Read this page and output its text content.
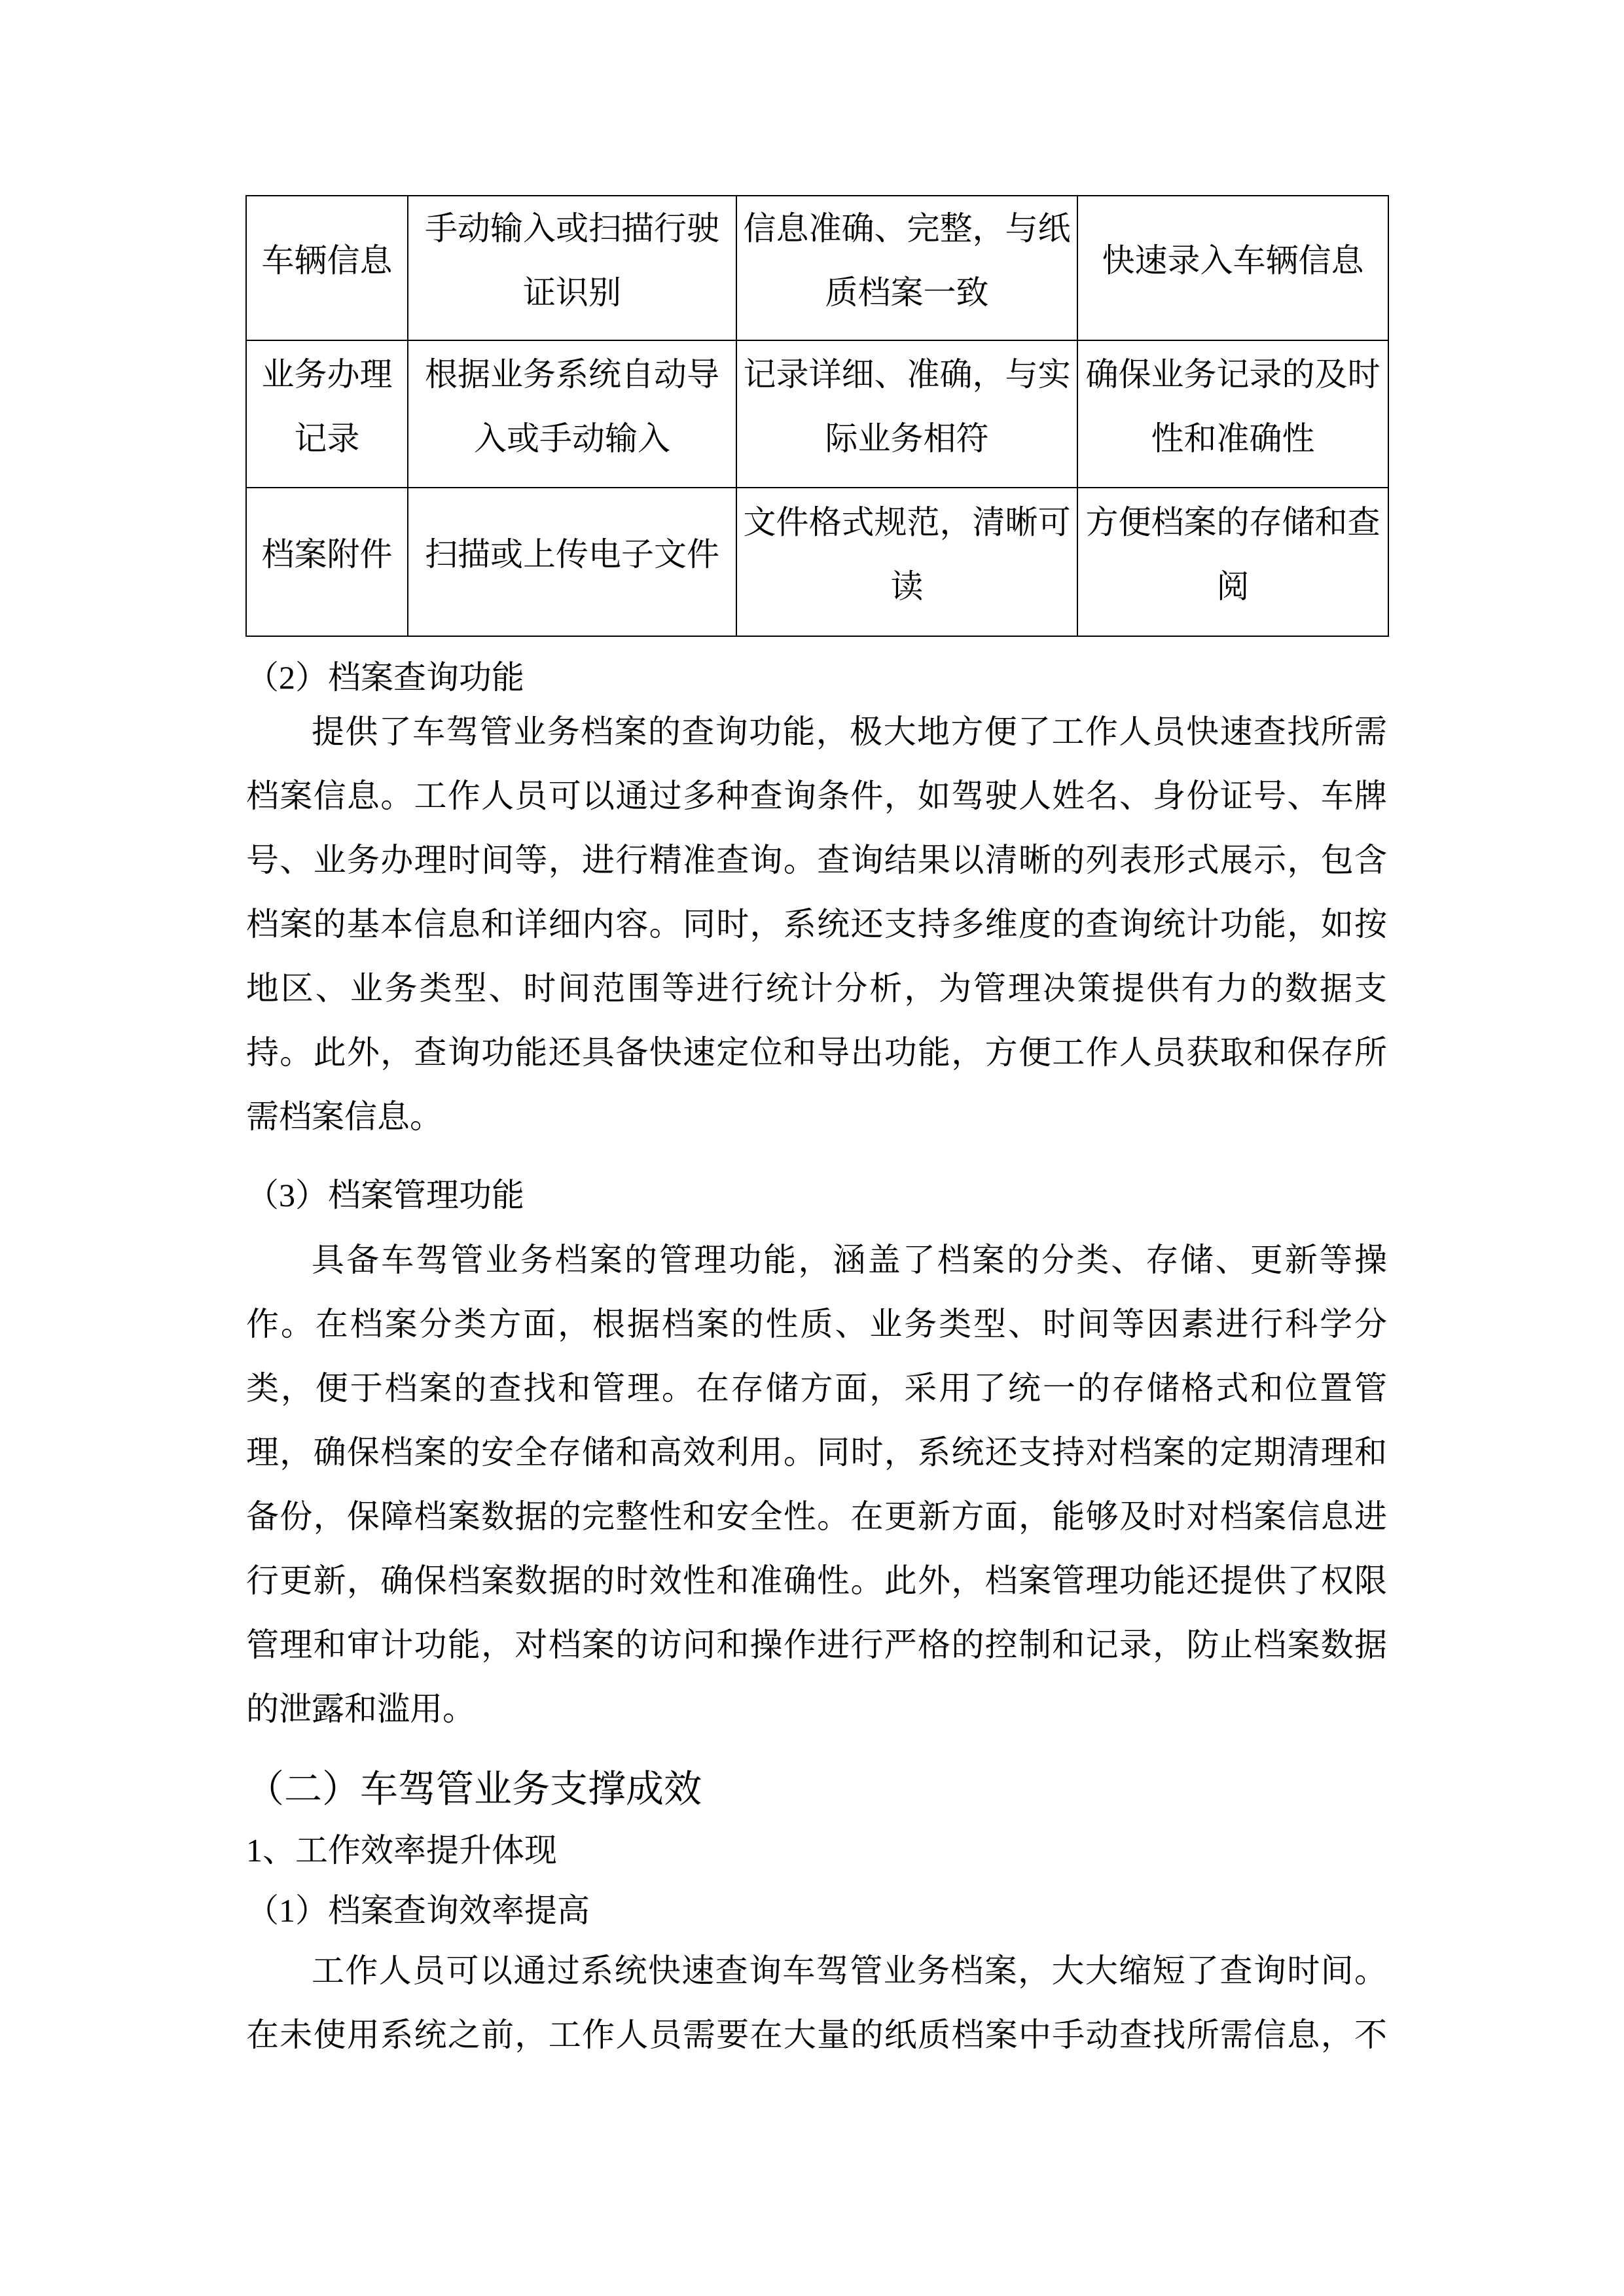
车辆信息
手动输入或扫描行驶
证识别
信息准确、完整，与纸
质档案一致
快速录入车辆信息
业务办理
记录
根据业务系统自动导
入或手动输入
记录详细、准确，与实
际业务相符
确保业务记录的及时
性和准确性
档案附件 扫描或上传电子文件
文件格式规范，清晰可
读
方便档案的存储和查
阅
（2）档案查询功能
提供了车驾管业务档案的查询功能，极大地方便了工作人员快速查找所需
档案信息。工作人员可以通过多种查询条件，如驾驶人姓名、身份证号、车牌
号、业务办理时间等，进行精准查询。查询结果以清晰的列表形式展示，包含
档案的基本信息和详细内容。同时，系统还支持多维度的查询统计功能，如按
地区、业务类型、时间范围等进行统计分析，为管理决策提供有力的数据支
持。此外，查询功能还具备快速定位和导出功能，方便工作人员获取和保存所
需档案信息。
（3）档案管理功能
具备车驾管业务档案的管理功能，涵盖了档案的分类、存储、更新等操
作。在档案分类方面，根据档案的性质、业务类型、时间等因素进行科学分
类，便于档案的查找和管理。在存储方面，采用了统一的存储格式和位置管
理，确保档案的安全存储和高效利用。同时，系统还支持对档案的定期清理和
备份，保障档案数据的完整性和安全性。在更新方面，能够及时对档案信息进
行更新，确保档案数据的时效性和准确性。此外，档案管理功能还提供了权限
管理和审计功能，对档案的访问和操作进行严格的控制和记录，防止档案数据
的泄露和滥用。
（二）车驾管业务支撑成效
1、工作效率提升体现
（1）档案查询效率提高
工作人员可以通过系统快速查询车驾管业务档案，大大缩短了查询时间。
在未使用系统之前，工作人员需要在大量的纸质档案中手动查找所需信息，不
